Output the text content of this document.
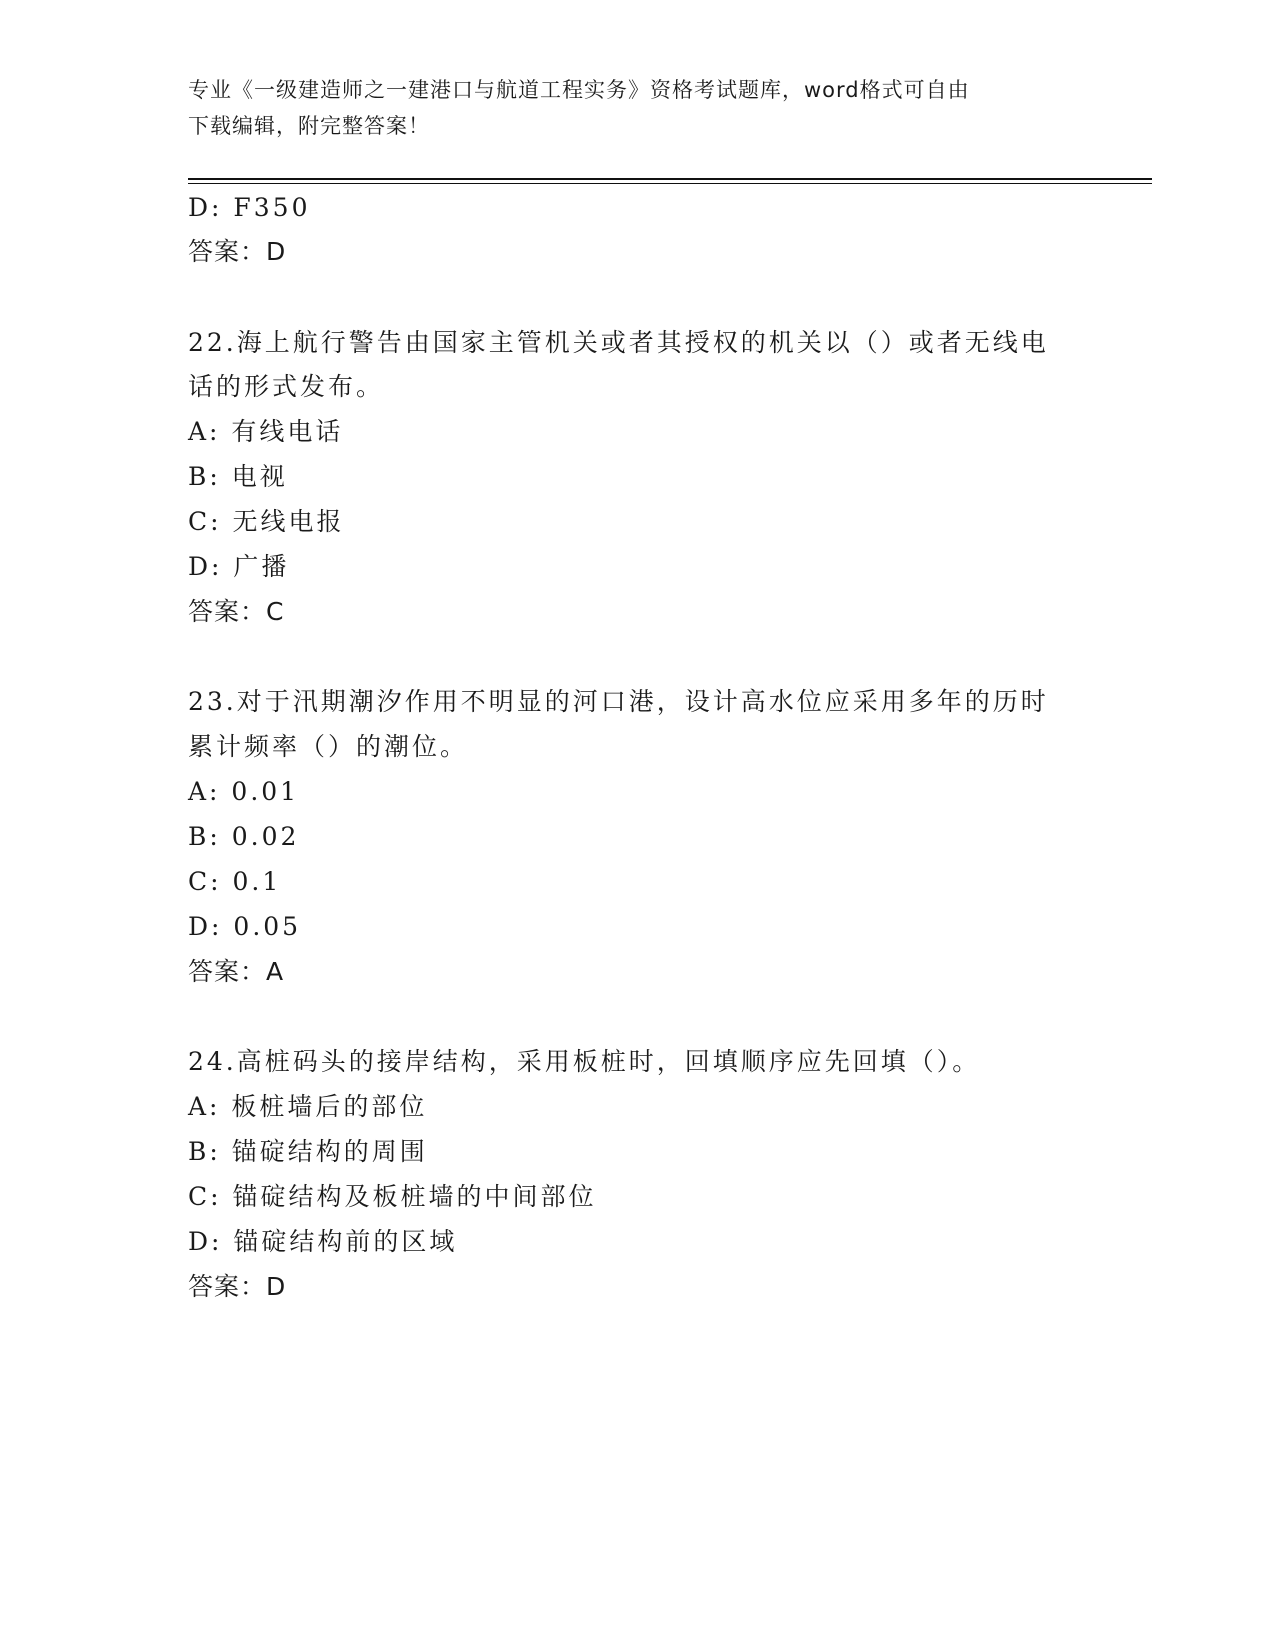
专业《一级建造师之一建港口与航道工程实务》资格考试题库，word格式可自由
下载编辑，附完整答案！
D: F350
答案：D
22.海上航行警告由国家主管机关或者其授权的机关以（）或者无线电
话的形式发布。
A: 有线电话
B: 电视
C: 无线电报
D: 广播
答案：C
23.对于汛期潮汐作用不明显的河口港，设计高水位应采用多年的历时
累计频率（）的潮位。
A: 0.01
B: 0.02
C: 0.1
D: 0.05
答案：A
24.高桩码头的接岸结构，采用板桩时，回填顺序应先回填（）。
A: 板桩墙后的部位
B: 锚碇结构的周围
C: 锚碇结构及板桩墙的中间部位
D: 锚碇结构前的区域
答案：D
